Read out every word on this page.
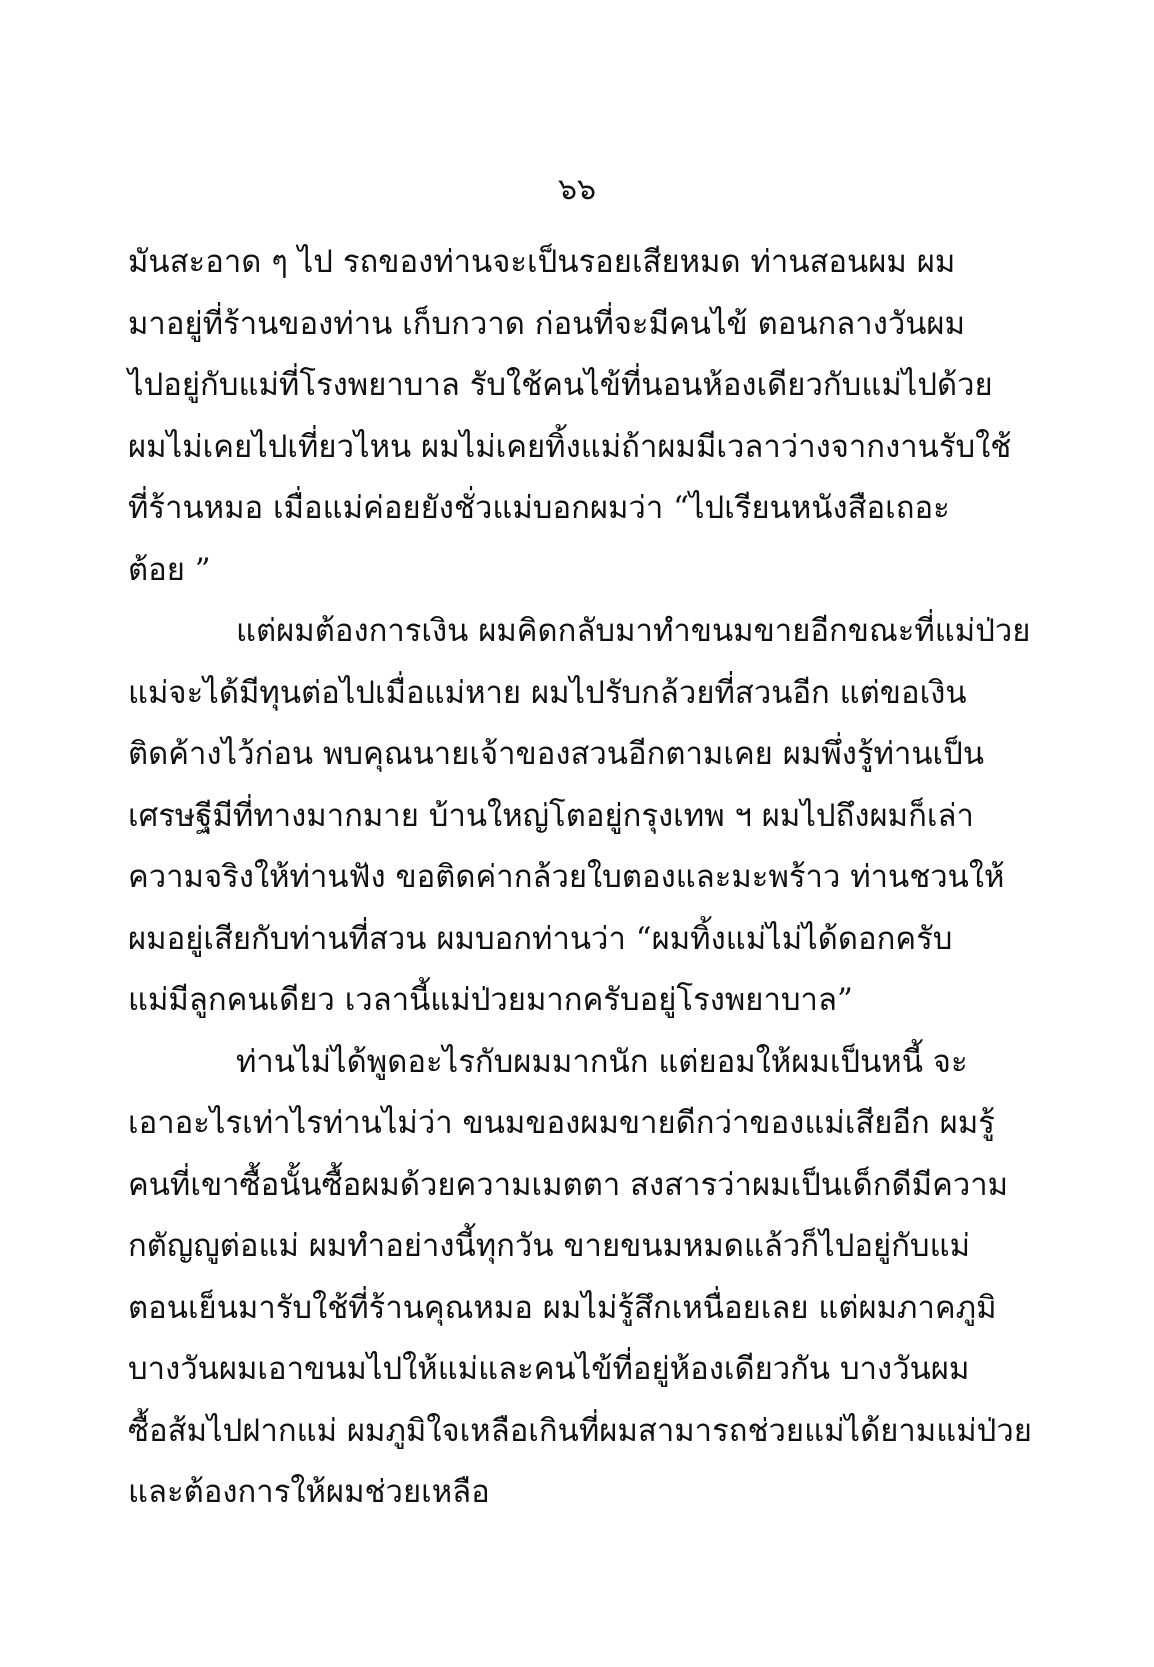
๖๖
มันสะอาด ๆ ไป รถของท่านจะเป็นรอยเสียหมด ท่านสอนผม ผม
มาอยู่ที่ร้านของท่าน เก็บกวาด ก่อนที่จะมีคนไข้ ตอนกลางวันผม
ไปอยู่กับแม่ที่โรงพยาบาล รับใช้คนไข้ที่นอนห้องเดียวกับแม่ไปด้วย
ผมไม่เคยไปเที่ยวไหน ผมไม่เคยทิ้งแม่ถ้าผมมีเวลาว่างจากงานรับใช้
ที่ร้านหมอ เมื่อแม่ค่อยยังชั่วแม่บอกผมว่า “ไปเรียนหนังสือเถอะ
ต้อย ”
แต่ผมต้องการเงิน ผมคิดกลับมาทำขนมขายอีกขณะที่แม่ป่วย
แม่จะได้มีทุนต่อไปเมื่อแม่หาย ผมไปรับกล้วยที่สวนอีก แต่ขอเงิน
ติดค้างไว้ก่อน พบคุณนายเจ้าของสวนอีกตามเคย ผมพึ่งรู้ท่านเป็น
เศรษฐีมีที่ทางมากมาย บ้านใหญ่โตอยู่กรุงเทพ ฯ ผมไปถึงผมก็เล่า
ความจริงให้ท่านฟัง ขอติดค่ากล้วยใบตองและมะพร้าว ท่านชวนให้
ผมอยู่เสียกับท่านที่สวน ผมบอกท่านว่า “ผมทิ้งแม่ไม่ได้ดอกครับ
แม่มีลูกคนเดียว เวลานี้แม่ป่วยมากครับอยู่โรงพยาบาล”
ท่านไม่ได้พูดอะไรกับผมมากนัก แต่ยอมให้ผมเป็นหนี้ จะ
เอาอะไรเท่าไรท่านไม่ว่า ขนมของผมขายดีกว่าของแม่เสียอีก ผมรู้
คนที่เขาซื้อนั้นซื้อผมด้วยความเมตตา สงสารว่าผมเป็นเด็กดีมีความ
กตัญญูต่อแม่ ผมทำอย่างนี้ทุกวัน ขายขนมหมดแล้วก็ไปอยู่กับแม่
ตอนเย็นมารับใช้ที่ร้านคุณหมอ ผมไม่รู้สึกเหนื่อยเลย แต่ผมภาคภูมิ
บางวันผมเอาขนมไปให้แม่และคนไข้ที่อยู่ห้องเดียวกัน บางวันผม
ซื้อส้มไปฝากแม่ ผมภูมิใจเหลือเกินที่ผมสามารถช่วยแม่ได้ยามแม่ป่วย
และต้องการให้ผมช่วยเหลือ
